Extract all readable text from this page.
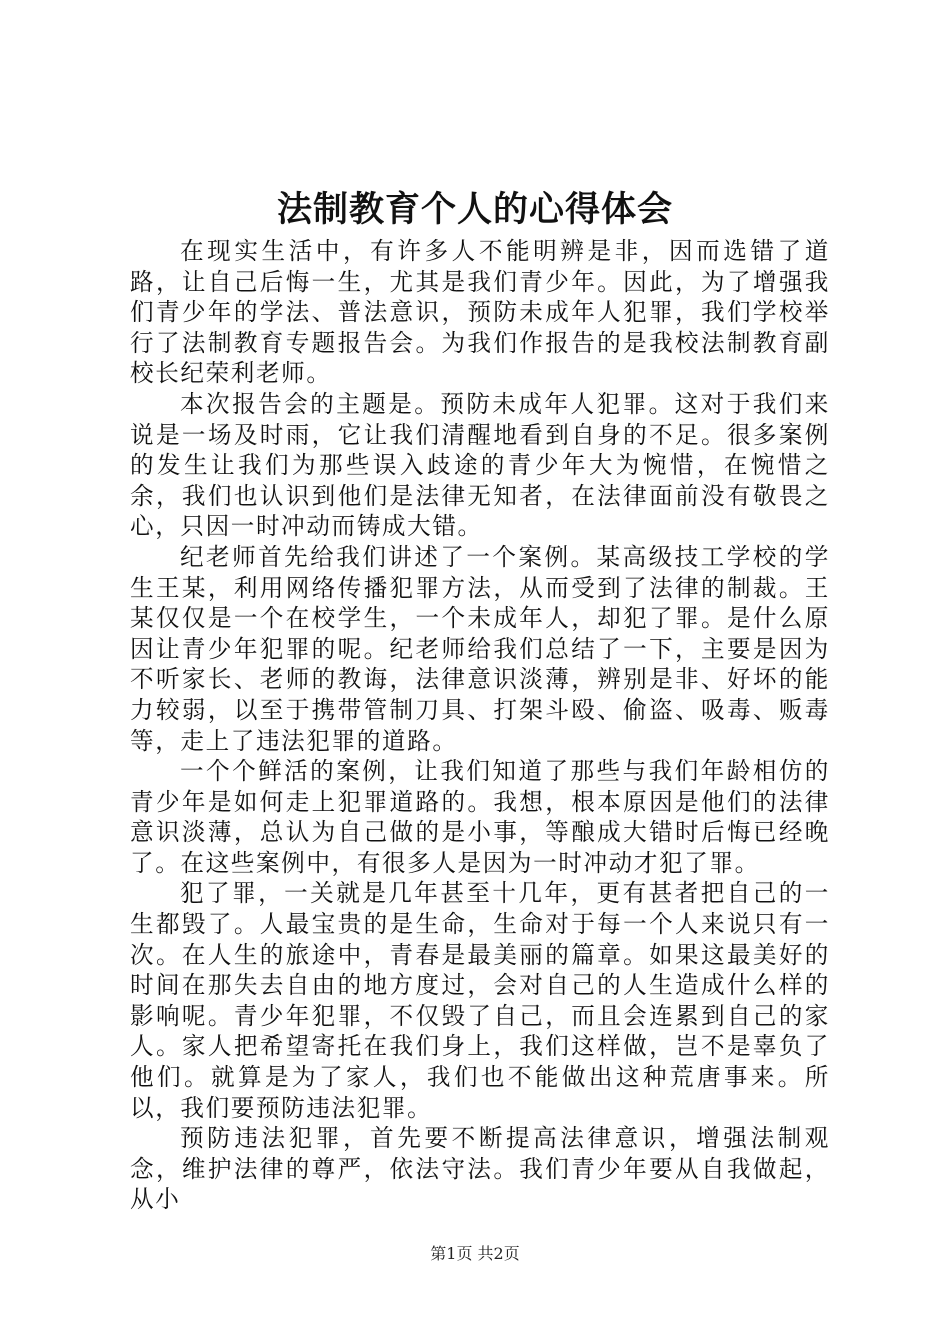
法制教育个人的心得体会

在现实生活中，有许多人不能明辨是非，因而选错了道路，让自己后悔一生，尤其是我们青少年。因此，为了增强我们青少年的学法、普法意识，预防未成年人犯罪，我们学校举行了法制教育专题报告会。为我们作报告的是我校法制教育副校长纪荣利老师。

本次报告会的主题是。预防未成年人犯罪。这对于我们来说是一场及时雨，它让我们清醒地看到自身的不足。很多案例的发生让我们为那些误入歧途的青少年大为惋惜，在惋惜之余，我们也认识到他们是法律无知者，在法律面前没有敬畏之心，只因一时冲动而铸成大错。

纪老师首先给我们讲述了一个案例。某高级技工学校的学生王某，利用网络传播犯罪方法，从而受到了法律的制裁。王某仅仅是一个在校学生，一个未成年人，却犯了罪。是什么原因让青少年犯罪的呢。纪老师给我们总结了一下，主要是因为不听家长、老师的教诲，法律意识淡薄，辨别是非、好坏的能力较弱，以至于携带管制刀具、打架斗殴、偷盗、吸毒、贩毒等，走上了违法犯罪的道路。

一个个鲜活的案例，让我们知道了那些与我们年龄相仿的青少年是如何走上犯罪道路的。我想，根本原因是他们的法律意识淡薄，总认为自己做的是小事，等酿成大错时后悔已经晚了。在这些案例中，有很多人是因为一时冲动才犯了罪。

犯了罪，一关就是几年甚至十几年，更有甚者把自己的一生都毁了。人最宝贵的是生命，生命对于每一个人来说只有一次。在人生的旅途中，青春是最美丽的篇章。如果这最美好的时间在那失去自由的地方度过，会对自己的人生造成什么样的影响呢。青少年犯罪，不仅毁了自己，而且会连累到自己的家人。家人把希望寄托在我们身上，我们这样做，岂不是辜负了他们。就算是为了家人，我们也不能做出这种荒唐事来。所以，我们要预防违法犯罪。

预防违法犯罪，首先要不断提高法律意识，增强法制观念，维护法律的尊严，依法守法。我们青少年要从自我做起，从小

第1页 共2页
